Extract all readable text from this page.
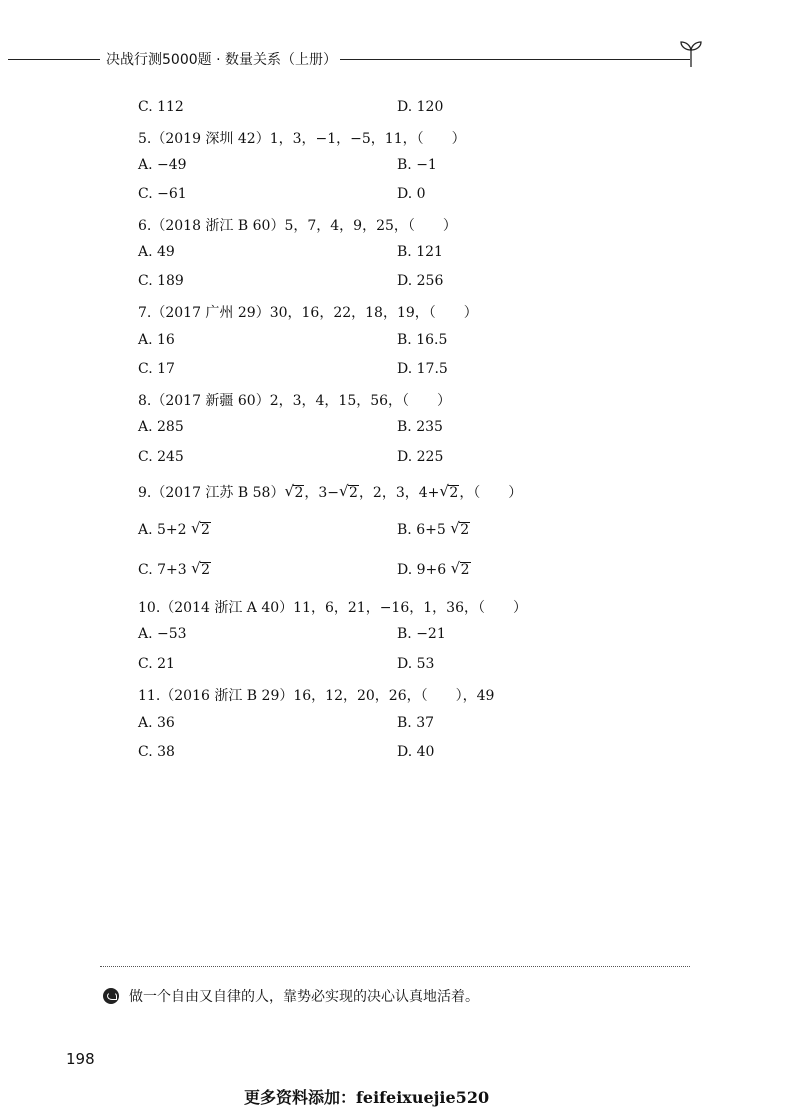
决战行测5000题 · 数量关系（上册）
C. 112	D. 120
5.（2019 深圳 42）1，3，−1，−5，11，（　　）
A. −49	B. −1
C. −61	D. 0
6.（2018 浙江 B 60）5，7，4，9，25，（　　）
A. 49	B. 121
C. 189	D. 256
7.（2017 广州 29）30，16，22，18，19，（　　）
A. 16	B. 16.5
C. 17	D. 17.5
8.（2017 新疆 60）2，3，4，15，56，（　　）
A. 285	B. 235
C. 245	D. 225
9.（2017 江苏 B 58） √ 2，3− √ 2，2，3，4+ √ 2，（　　）
A. 5+2 √ 2	B. 6+5 √ 2
C. 7+3 √ 2	D. 9+6 √ 2
10.（2014 浙江 A 40）11，6，21，−16，1，36，（　　）
A. −53	B. −21
C. 21	D. 53
11.（2016 浙江 B 29）16，12，20，26，（　　），49
A. 36	B. 37
C. 38	D. 40
做一个自由又自律的人，靠势必实现的决心认真地活着。
198
更多资料添加：feifeixuejie520
